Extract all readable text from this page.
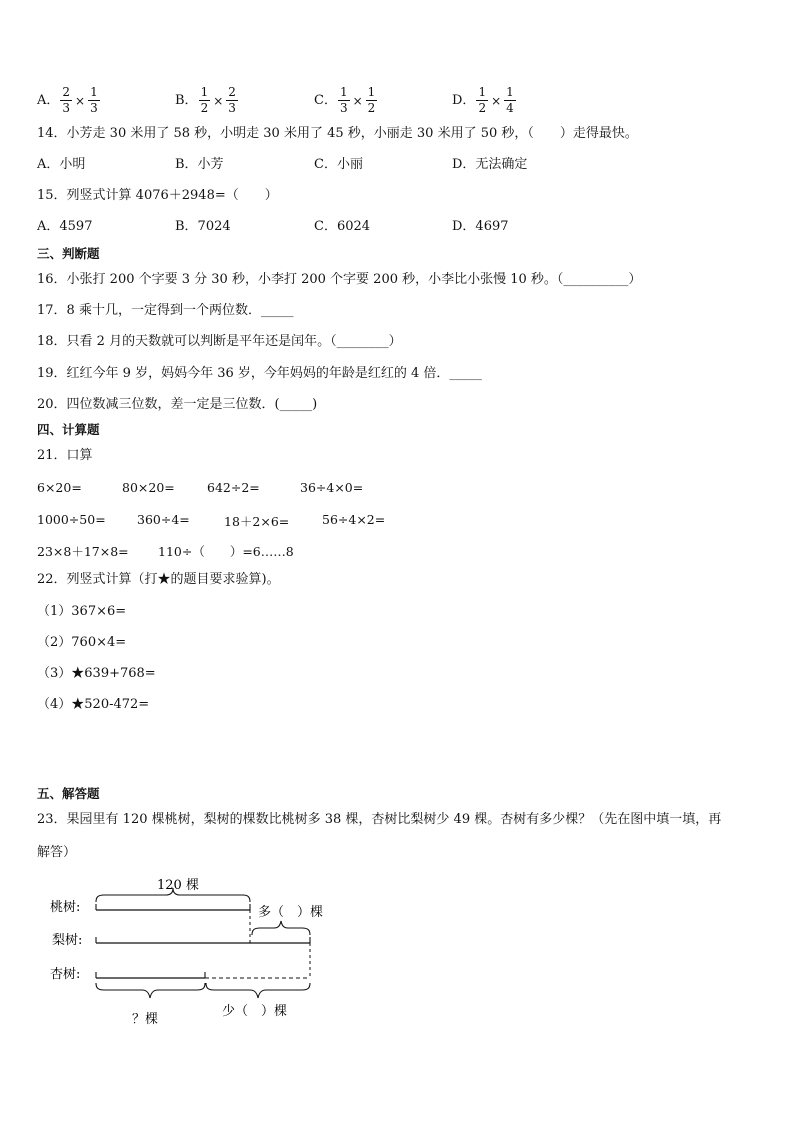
A． $\frac{2}{3} \times \frac{1}{3}$	B． $\frac{1}{2} \times \frac{2}{3}$	C． $\frac{1}{3} \times \frac{1}{2}$	D． $\frac{1}{2} \times \frac{1}{4}$
14．小芳走 30 米用了 58 秒，小明走 30 米用了 45 秒，小丽走 30 米用了 50 秒，（　　）走得最快。
A．小明	B．小芳	C．小丽	D．无法确定
15．列竖式计算 4076＋2948=（　　）
A．4597	B．7024	C．6024	D．4697
三、判断题
16．小张打 200 个字要 3 分 30 秒，小李打 200 个字要 200 秒，小李比小张慢 10 秒。（__________）
17．8 乘十几，一定得到一个两位数．_____
18．只看 2 月的天数就可以判断是平年还是闰年。（________）
19．红红今年 9 岁，妈妈今年 36 岁，今年妈妈的年龄是红红的 4 倍．_____
20．四位数减三位数，差一定是三位数．(_____)
四、计算题
21．口算
6×20=	80×20=	642÷2=	36÷4×0=
1000÷50=	360÷4=	18＋2×6=	56÷4×2=
23×8＋17×8= 110÷（　　）=6……8
22．列竖式计算（打★的题目要求验算)。
（1）367×6=
（2）760×4=
（3）★639+768=
（4）★520-472=
五、解答题
23．果园里有 120 棵桃树，梨树的棵数比桃树多 38 棵，杏树比梨树少 49 棵。杏树有多少棵？（先在图中填一填，再
解答）
桃树:
梨树:
杏树:
120 棵
多（　）棵
？棵
少（　）棵
